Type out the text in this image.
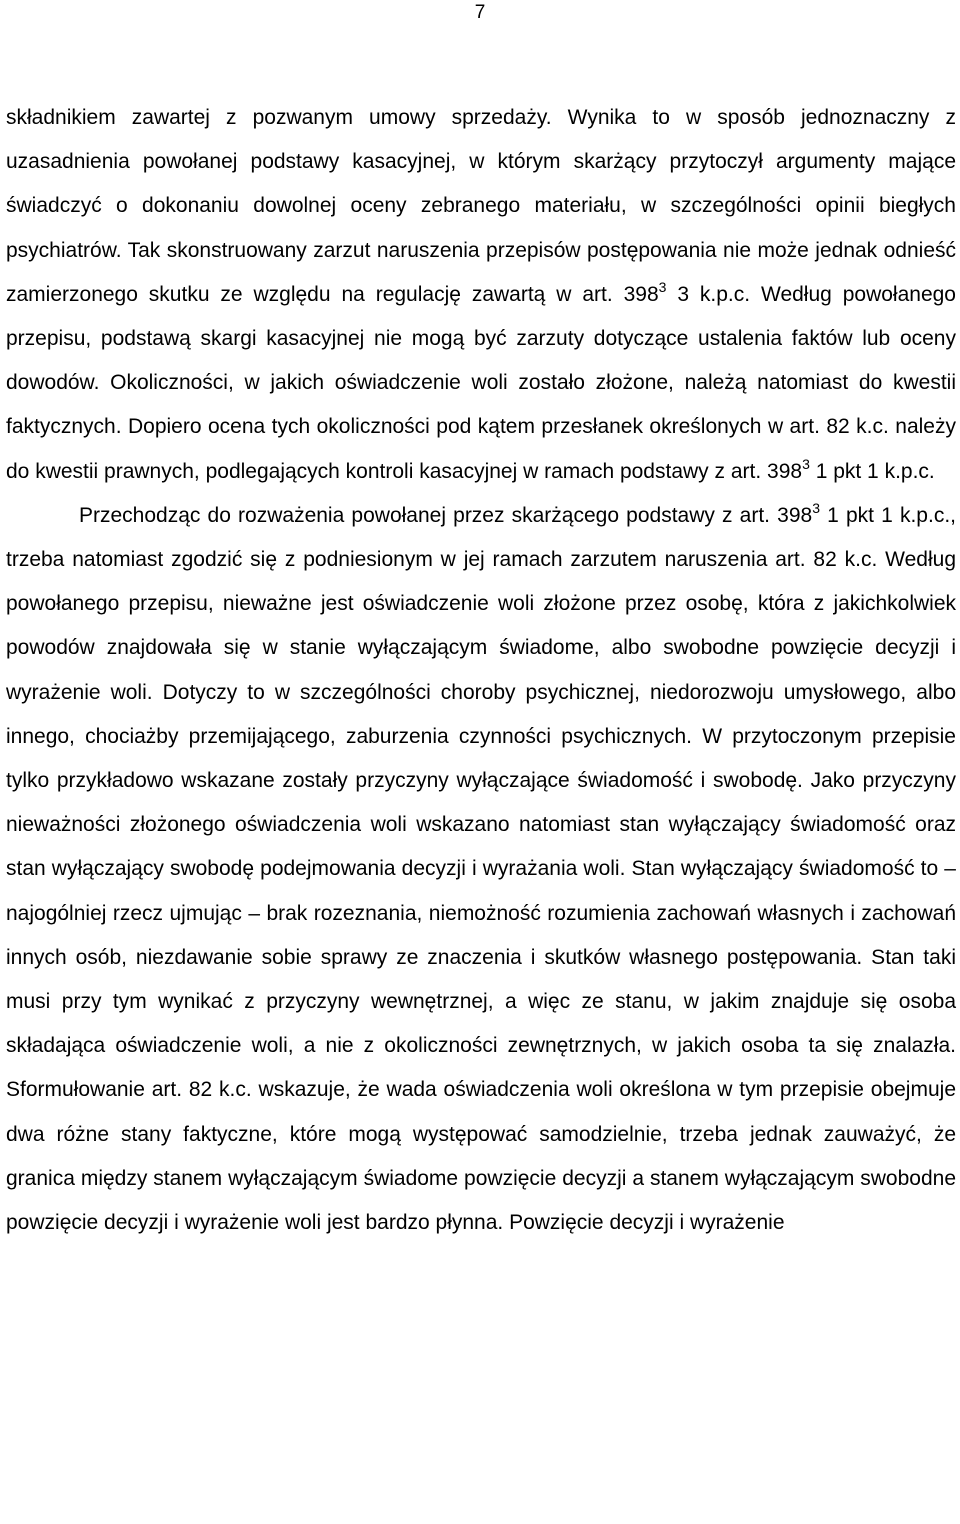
7

składnikiem zawartej z pozwanym umowy sprzedaży. Wynika to w sposób jednoznaczny z uzasadnienia powołanej podstawy kasacyjnej, w którym skarżący przytoczył argumenty mające świadczyć o dokonaniu dowolnej oceny zebranego materiału, w szczególności opinii biegłych psychiatrów. Tak skonstruowany zarzut naruszenia przepisów postępowania nie może jednak odnieść zamierzonego skutku ze względu na regulację zawartą w art. $398^3$ 3 k.p.c. Według powołanego przepisu, podstawą skargi kasacyjnej nie mogą być zarzuty dotyczące ustalenia faktów lub oceny dowodów. Okoliczności, w jakich oświadczenie woli zostało złożone, należą natomiast do kwestii faktycznych. Dopiero ocena tych okoliczności pod kątem przesłanek określonych w art. 82 k.c. należy do kwestii prawnych, podlegających kontroli kasacyjnej w ramach podstawy z art. $398^3$ 1 pkt 1 k.p.c.

Przechodząc do rozważenia powołanej przez skarżącego podstawy z art. $398^3$ 1 pkt 1 k.p.c., trzeba natomiast zgodzić się z podniesionym w jej ramach zarzutem naruszenia art. 82 k.c. Według powołanego przepisu, nieważne jest oświadczenie woli złożone przez osobę, która z jakichkolwiek powodów znajdowała się w stanie wyłączającym świadome, albo swobodne powzięcie decyzji i wyrażenie woli. Dotyczy to w szczególności choroby psychicznej, niedorozwoju umysłowego, albo innego, chociażby przemijającego, zaburzenia czynności psychicznych. W przytoczonym przepisie tylko przykładowo wskazane zostały przyczyny wyłączające świadomość i swobodę. Jako przyczyny nieważności złożonego oświadczenia woli wskazano natomiast stan wyłączający świadomość oraz stan wyłączający swobodę podejmowania decyzji i wyrażania woli. Stan wyłączający świadomość to – najogólniej rzecz ujmując – brak rozeznania, niemożność rozumienia zachowań własnych i zachowań innych osób, niezdawanie sobie sprawy ze znaczenia i skutków własnego postępowania. Stan taki musi przy tym wynikać z przyczyny wewnętrznej, a więc ze stanu, w jakim znajduje się osoba składająca oświadczenie woli, a nie z okoliczności zewnętrznych, w jakich osoba ta się znalazła. Sformułowanie art. 82 k.c. wskazuje, że wada oświadczenia woli określona w tym przepisie obejmuje dwa różne stany faktyczne, które mogą występować samodzielnie, trzeba jednak zauważyć, że granica między stanem wyłączającym świadome powzięcie decyzji a stanem wyłączającym swobodne powzięcie decyzji i wyrażenie woli jest bardzo płynna. Powzięcie decyzji i wyrażenie
